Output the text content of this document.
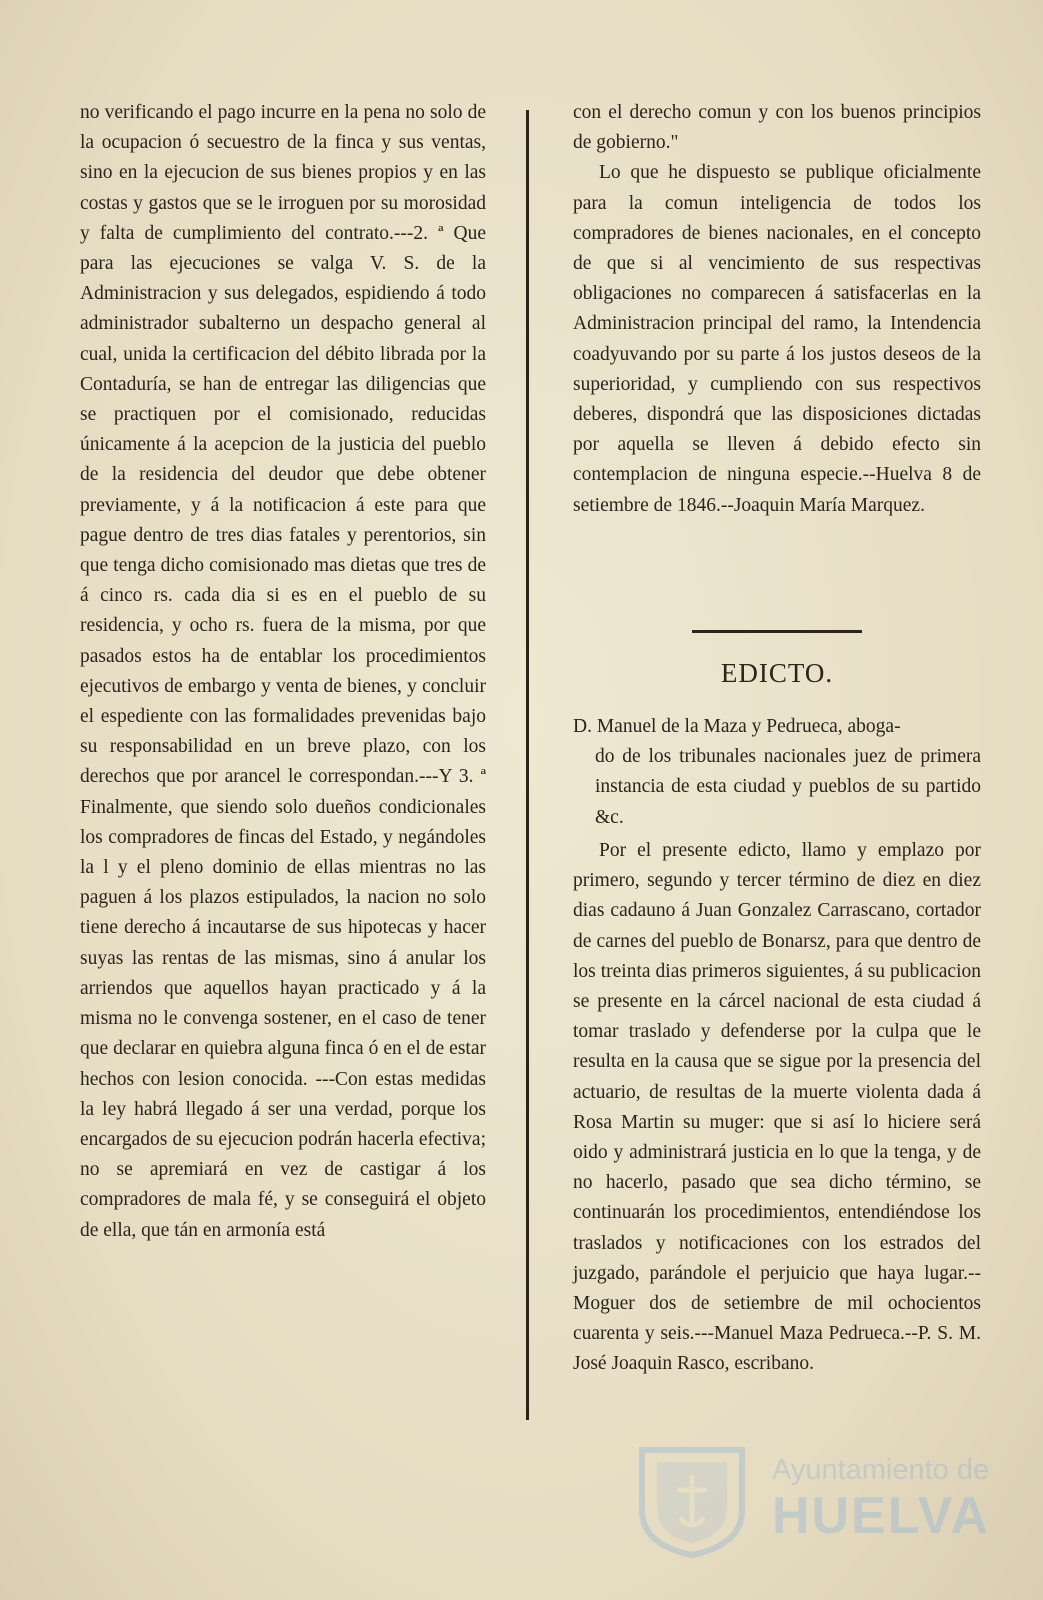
no verificando el pago incurre en la pena no solo de la ocupacion ó secuestro de la finca y sus ventas, sino en la ejecucion de sus bienes propios y en las costas y gastos que se le irroguen por su morosidad y falta de cumplimiento del contrato.---2. ª Que para las ejecuciones se valga V. S. de la Administracion y sus delegados, espidiendo á todo administrador subalterno un despacho general al cual, unida la certificacion del débito librada por la Contaduría, se han de entregar las diligencias que se practiquen por el comisionado, reducidas únicamente á la acepcion de la justicia del pueblo de la residencia del deudor que debe obtener previamente, y á la notificacion á este para que pague dentro de tres dias fatales y perentorios, sin que tenga dicho comisionado mas dietas que tres de á cinco rs. cada dia si es en el pueblo de su residencia, y ocho rs. fuera de la misma, por que pasados estos ha de entablar los procedimientos ejecutivos de embargo y venta de bienes, y concluir el espediente con las formalidades prevenidas bajo su responsabilidad en un breve plazo, con los derechos que por arancel le correspondan.---Y 3. ª Finalmente, que siendo solo dueños condicionales los compradores de fincas del Estado, y negándoles la l y el pleno dominio de ellas mientras no las paguen á los plazos estipulados, la nacion no solo tiene derecho á incautarse de sus hipotecas y hacer suyas las rentas de las mismas, sino á anular los arriendos que aquellos hayan practicado y á la misma no le convenga sostener, en el caso de tener que declarar en quiebra alguna finca ó en el de estar hechos con lesion conocida. ---Con estas medidas la ley habrá llegado á ser una verdad, porque los encargados de su ejecucion podrán hacerla efectiva; no se apremiará en vez de castigar á los compradores de mala fé, y se conseguirá el objeto de ella, que tán en armonía está

con el derecho comun y con los buenos principios de gobierno."

Lo que he dispuesto se publique oficialmente para la comun inteligencia de todos los compradores de bienes nacionales, en el concepto de que si al vencimiento de sus respectivas obligaciones no comparecen á satisfacerlas en la Administracion principal del ramo, la Intendencia coadyuvando por su parte á los justos deseos de la superioridad, y cumpliendo con sus respectivos deberes, dispondrá que las disposiciones dictadas por aquella se lleven á debido efecto sin contemplacion de ninguna especie.--Huelva 8 de setiembre de 1846.--Joaquin María Marquez.

EDICTO.
D. Manuel de la Maza y Pedrueca, aboga-
do de los tribunales nacionales juez de primera instancia de esta ciudad y pueblos de su partido &c.
Por el presente edicto, llamo y emplazo por primero, segundo y tercer término de diez en diez dias cadauno á Juan Gonzalez Carrascano, cortador de carnes del pueblo de Bonarsz, para que dentro de los treinta dias primeros siguientes, á su publicacion se presente en la cárcel nacional de esta ciudad á tomar traslado y defenderse por la culpa que le resulta en la causa que se sigue por la presencia del actuario, de resultas de la muerte violenta dada á Rosa Martin su muger: que si así lo hiciere será oido y administrará justicia en lo que la tenga, y de no hacerlo, pasado que sea dicho término, se continuarán los procedimientos, entendiéndose los traslados y notificaciones con los estrados del juzgado, parándole el perjuicio que haya lugar.--Moguer dos de setiembre de mil ochocientos cuarenta y seis.---Manuel Maza Pedrueca.--P. S. M. José Joaquin Rasco, escribano.
Ayuntamiento de
HUELVA
